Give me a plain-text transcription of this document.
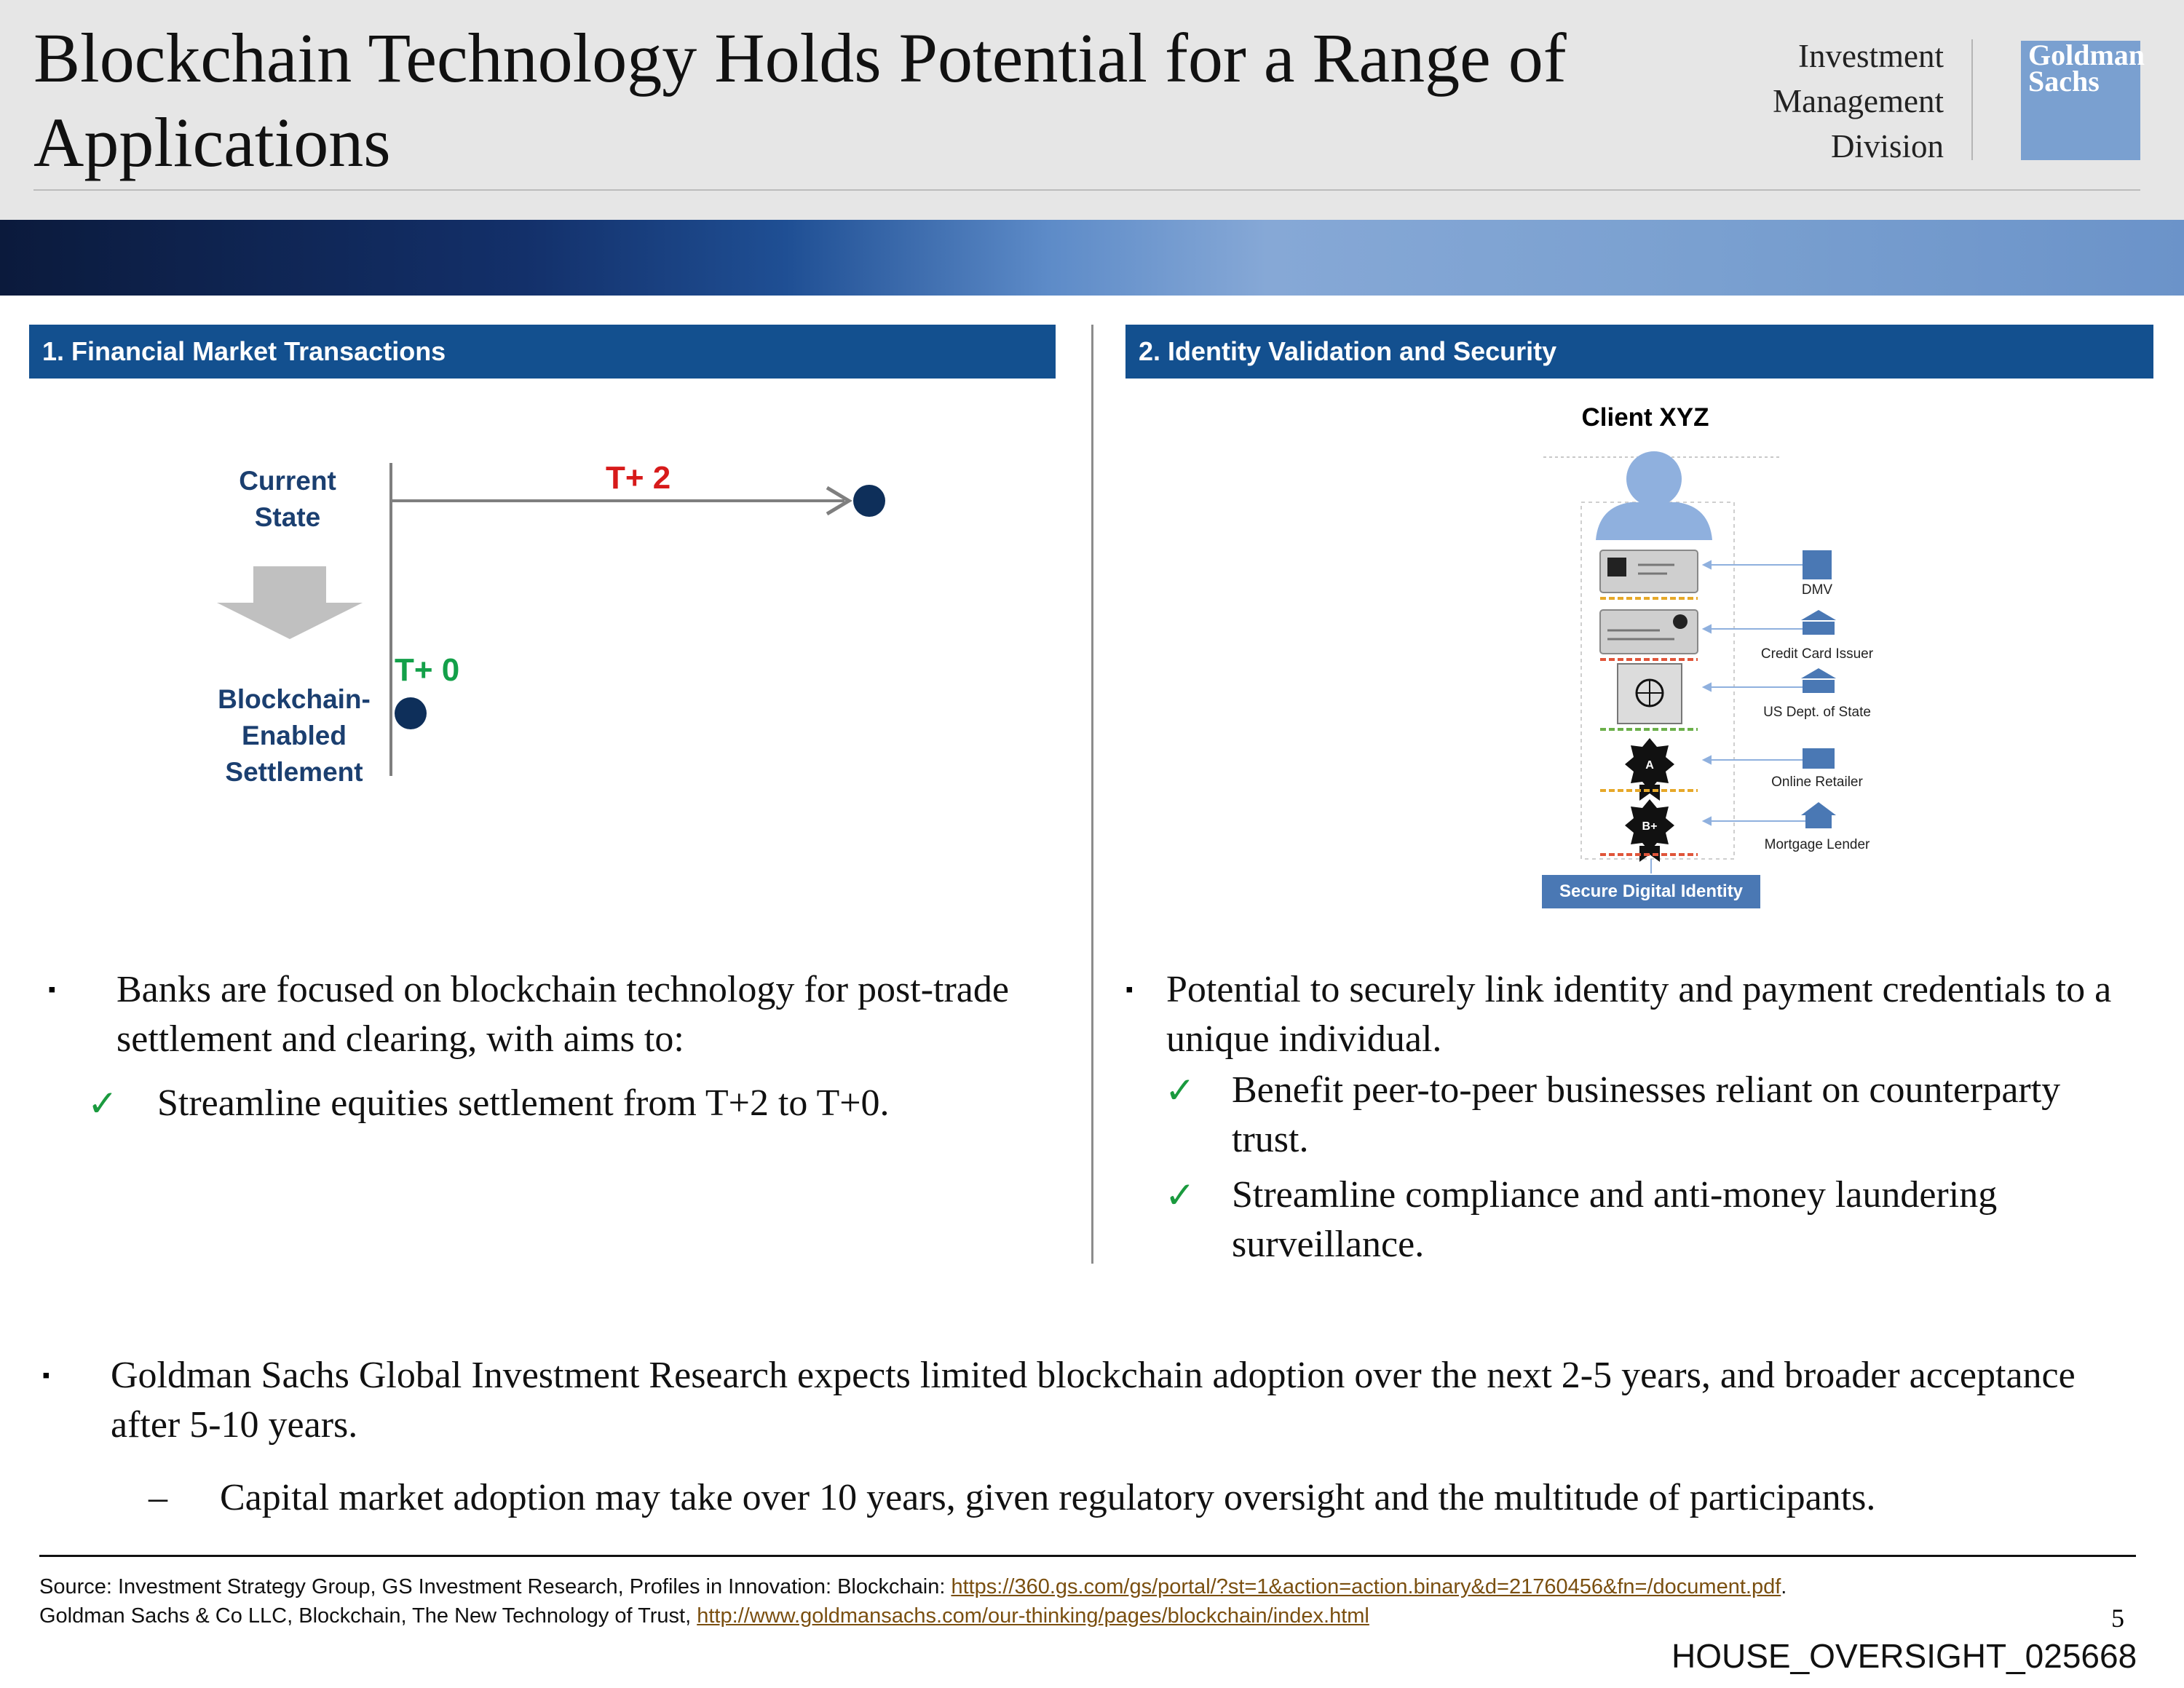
Blockchain Technology Holds Potential for a Range of
Applications
Investment
Management
Division
Goldman
Sachs
1. Financial Market Transactions	2. Identity Validation and Security
Current
State
Blockchain-
Enabled
Settlement
T+ 2
T+ 0
Client XYZ
A
B+
DMV
Credit Card Issuer
US Dept. of State
Online Retailer
Mortgage Lender
Secure Digital Identity
▪ Banks are focused on blockchain technology for post-trade settlement and clearing, with aims to:
✓ Streamline equities settlement from T+2 to T+0.
▪ Potential to securely link identity and payment credentials to a unique individual.
✓ Benefit peer-to-peer businesses reliant on counterparty trust.
✓ Streamline compliance and anti-money laundering surveillance.
▪ Goldman Sachs Global Investment Research expects limited blockchain adoption over the next 2-5 years, and broader acceptance after 5-10 years.
– Capital market adoption may take over 10 years, given regulatory oversight and the multitude of participants.
Source: Investment Strategy Group, GS Investment Research, Profiles in Innovation: Blockchain: https://360.gs.com/gs/portal/?st=1&action=action.binary&d=21760456&fn=/document.pdf.
Goldman Sachs & Co LLC, Blockchain, The New Technology of Trust, http://www.goldmansachs.com/our-thinking/pages/blockchain/index.html	5
HOUSE_OVERSIGHT_025668
